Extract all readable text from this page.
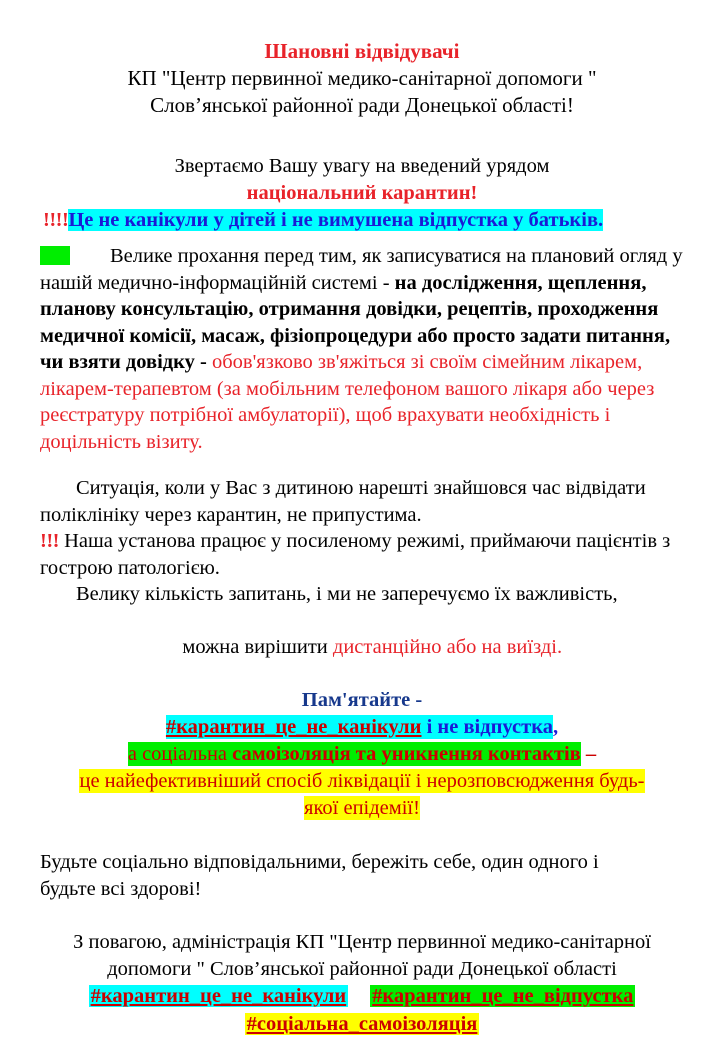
Шановні відвідувачі
КП "Центр первинної медико-санітарної допомоги "
Слов’янської районної ради Донецької області!
Звертаємо Вашу увагу на введений урядом
національний карантин!
!!!!Це не канікули у дітей і не вимушена відпустка у батьків.
Велике прохання перед тим, як записуватися на плановий огляд у нашій медично-інформаційній системі - на дослідження, щеплення, планову консультацію, отримання довідки, рецептів, проходження медичної комісії, масаж, фізіопроцедури або просто задати питання, чи взяти довідку - обов'язково зв'яжіться зі своїм сімейним лікарем, лікарем-терапевтом (за мобільним телефоном вашого лікаря або через реєстратуру потрібної амбулаторії), щоб врахувати необхідність і доцільність візиту.
Ситуація, коли у Вас з дитиною нарешті знайшовся час відвідати поліклініку через карантин, не припустима.
!!! Наша установа працює у посиленому режимі, приймаючи пацієнтів з гострою патологією.
Велику кількість запитань, і ми не заперечуємо їх важливість,

можна вирішити дистанційно або на виїзді.

Пам'ятайте -
#карантин_це_не_канікули і не відпустка,
а соціальна самоізоляція та уникнення контактів –
це найефективніший спосіб ліквідації і нерозповсюдження будь-
якої епідемії!
Будьте соціально відповідальними, бережіть себе, один одного і
будьте всі здорові!
З повагою, адміністрація КП "Центр первинної медико-санітарної
допомоги " Слов’янської районної ради Донецької області
#карантин_це_не_канікули #карантин_це_не_відпустка
#соціальна_самоізоляція
